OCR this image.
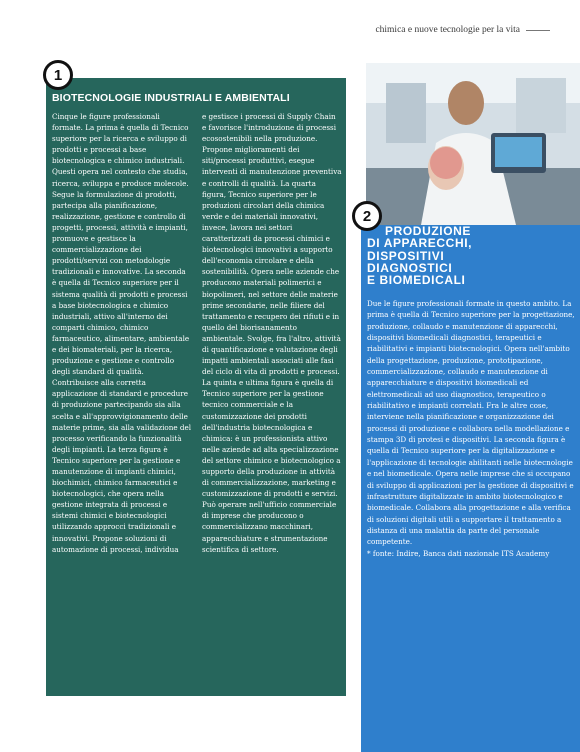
chimica e nuove tecnologie per la vita
BIOTECNOLOGIE INDUSTRIALI E AMBIENTALI

Cinque le figure professionali formate. La prima è quella di Tecnico superiore per la ricerca e sviluppo di prodotti e processi a base biotecnologica e chimico industriali. Questi opera nel contesto che studia, ricerca, sviluppa e produce molecole. Segue la formulazione di prodotti, partecipa alla pianificazione, realizzazione, gestione e controllo di progetti, processi, attività e impianti, promuove e gestisce la commercializzazione dei prodotti/servizi con metodologie tradizionali e innovative. La seconda è quella di Tecnico superiore per il sistema qualità di prodotti e processi a base biotecnologica e chimico industriali, attivo all'interno dei comparti chimico, chimico farmaceutico, alimentare, ambientale e dei biomateriali, per la ricerca, produzione e gestione e controllo degli standard di qualità. Contribuisce alla corretta applicazione di standard e procedure di produzione partecipando sia alla scelta e all'approvvigionamento delle materie prime, sia alla validazione del processo verificando la funzionalità degli impianti. La terza figura è Tecnico superiore per la gestione e manutenzione di impianti chimici, biochimici, chimico farmaceutici e biotecnologici, che opera nella gestione integrata di processi e sistemi chimici e biotecnologici utilizzando approcci tradizionali e innovativi. Propone soluzioni di automazione di processi, individua

e gestisce i processi di Supply Chain e favorisce l'introduzione di processi ecosostenibili nella produzione. Propone miglioramenti dei siti/processi produttivi, esegue interventi di manutenzione preventiva e controlli di qualità. La quarta figura, Tecnico superiore per le produzioni circolari della chimica verde e dei materiali innovativi, invece, lavora nei settori caratterizzati da processi chimici e biotecnologici innovativi a supporto dell'economia circolare e della sostenibilità. Opera nelle aziende che producono materiali polimerici e biopolimeri, nel settore delle materie prime secondarie, nelle filiere del trattamento e recupero dei rifiuti e in quello del biorisanamento ambientale. Svolge, fra l'altro, attività di quantificazione e valutazione degli impatti ambientali associati alle fasi del ciclo di vita di prodotti e processi. La quinta e ultima figura è quella di Tecnico superiore per la gestione tecnico commerciale e la customizzazione dei prodotti dell'industria biotecnologica e chimica: è un professionista attivo nelle aziende ad alta specializzazione del settore chimico e biotecnologico a supporto della produzione in attività di commercializzazione, marketing e customizzazione di prodotti e servizi. Può operare nell'ufficio commerciale di imprese che producono o commercializzano macchinari, apparecchiature e strumentazione scientifica di settore.

1
PRODUZIONE
DI APPARECCHI,
DISPOSITIVI
DIAGNOSTICI
E BIOMEDICALI

Due le figure professionali formate in questo ambito. La prima è quella di Tecnico superiore per la progettazione, produzione, collaudo e manutenzione di apparecchi, dispositivi biomedicali diagnostici, terapeutici e riabilitativi e impianti biotecnologici. Opera nell'ambito della progettazione, produzione, prototipazione, commercializzazione, collaudo e manutenzione di apparecchiature e dispositivi biomedicali ed elettromedicali ad uso diagnostico, terapeutico o riabilitativo e impianti correlati. Fra le altre cose, interviene nella pianificazione e organizzazione dei processi di produzione e collabora nella modellazione e stampa 3D di protesi e dispositivi. La seconda figura è quella di Tecnico superiore per la digitalizzazione e l'applicazione di tecnologie abilitanti nelle biotecnologie e nel biomedicale. Opera nelle imprese che si occupano di sviluppo di applicazioni per la gestione di dispositivi e infrastrutture digitalizzate in ambito biotecnologico e biomedicale. Collabora alla progettazione e alla verifica di soluzioni digitali utili a supportare il trattamento a distanza di una malattia da parte del personale competente.

* fonte: Indire, Banca dati nazionale ITS Academy

2
